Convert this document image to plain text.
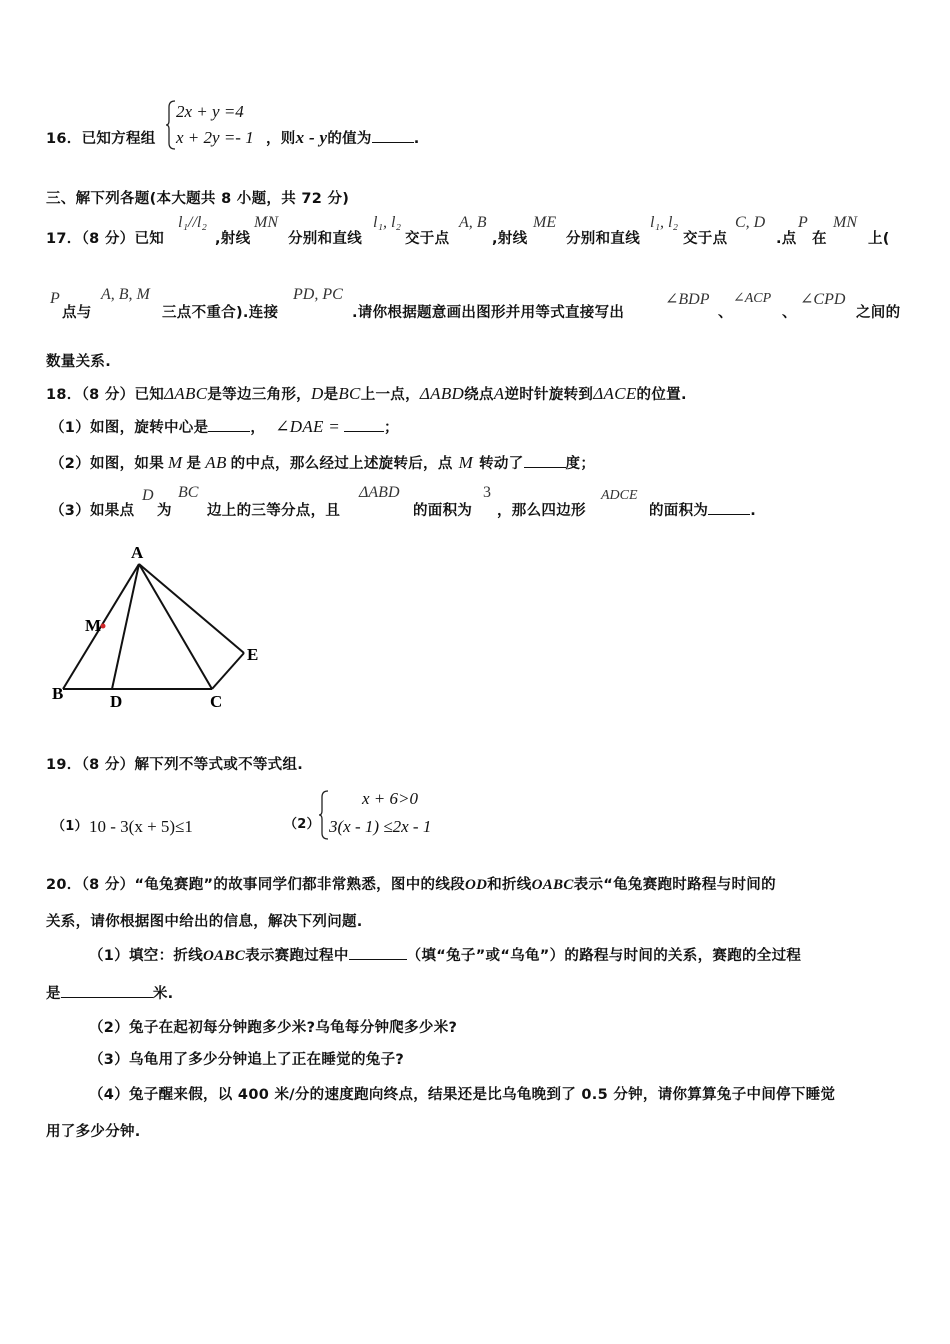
16．已知方程组
2x + y =4
x + 2y =- 1 ，则x - y的值为	.
三、解下列各题(本大题共 8 小题，共 72 分)
17．（8 分）已知
l₁//l₂
,射线
MN
分别和直线
l₁, l₂
交于点
A, B
,射线
ME
分别和直线
l₁, l₂
交于点
C, D
.点
P
在
MN
上(
P
点与
A, B, M
三点不重合).连接
PD, PC
.请你根据题意画出图形并用等式直接写出
∠BDP
、
∠ACP
、
∠CPD
之间的
数量关系.
18．（8 分）已知ΔABC是等边三角形，D是BC上一点，ΔABD绕点A逆时针旋转到ΔACE的位置.
（1）如图，旋转中心是	， ∠DAE =	；
（2）如图，如果 M 是 AB 的中点，那么经过上述旋转后，点 M 转动了	度；
（3）如果点
D
为
BC
边上的三等分点，且
ΔABD
的面积为
3
，那么四边形
ADCE
的面积为	.
A
M
E
B	D	C
19．（8 分）解下列不等式或不等式组.
（1） 10 - 3(x + 5)≤1	（2）
x + 6>0
3(x - 1) ≤2x - 1
20．（8 分）“龟兔赛跑”的故事同学们都非常熟悉，图中的线段OD和折线OABC表示“龟兔赛跑时路程与时间的
关系，请你根据图中给出的信息，解决下列问题.
（1）填空：折线OABC表示赛跑过程中	（填“兔子”或“乌龟”）的路程与时间的关系，赛跑的全过程
是	米.
（2）兔子在起初每分钟跑多少米?乌龟每分钟爬多少米?
（3）乌龟用了多少分钟追上了正在睡觉的兔子?
（4）兔子醒来假，以 400 米/分的速度跑向终点，结果还是比乌龟晚到了 0.5 分钟，请你算算兔子中间停下睡觉
用了多少分钟.
